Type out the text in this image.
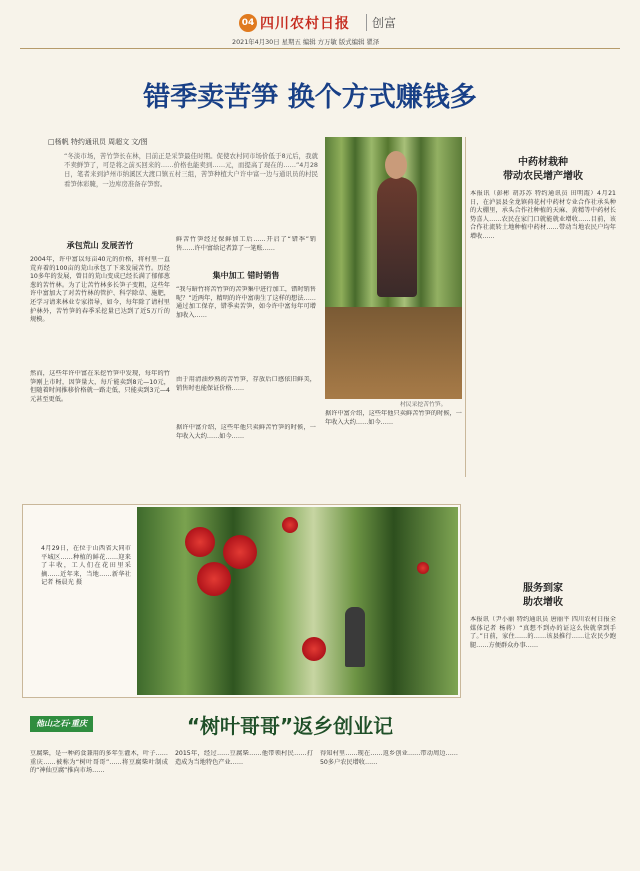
04 四川农村日报	创富
2021年4月30日 星期五 编辑 方万敏 版式编辑 瞿泽
错季卖苦笋 换个方式赚钱多
□杨帆 特约通讯员 周超文 文/图
“冬淡市场，苦竹笋长在林，目前正是采笋最佳时期。促使农村同市场价低于8元后，我就不卖鲜笋了，可是将之前买回来的……价格也能卖到……元，而提高了现在的……”4月28日，笔者来到泸州市纳溪区大渡口镇五村三组，苦笋种植大户许中富一边与通讯员的村民看笋体彩腌，一边库房准备存笋窖。
承包荒山 发展苦竹
2004年，许中富以每亩40元的价格，将村里一直荒弃着的100亩的荒山承包了下来发展苦竹。历经10多年的发展，曾目的荒山变成已经长满了郁郁葱葱的苦竹林。为了让苦竹林多长笋子变粗，这些年许中富加大了对苦竹林的管护、科学除草、施肥，还学习请来林业专家指导，如今，每年除了请村里护林外，苦竹笋的春季采挖量已达到了近5万斤的规模。
然而，这些年许中富在采挖竹笋中发现，每年的竹笋刚上市时，因笋量大，每斤能卖到8元—10元，但随着时间推移价格就一路走低，只能卖到3元—4元甚至更低。
鲜苦竹笋经过保鲜加工后……开启了“错季”销售……许中富给记者算了一笔账……
集中加工 错时销售
“我与暗竹将苦竹笋的苦笋集中进行加工，错时销售呢？”近两年，精明的许中富萌生了这样的想法……通过加工保存，错季卖苦笋，如今许中富每年可增加收入……
由于用清油炒熟的苦竹笋，存放后口感依旧鲜美，销售时也能保证价格……
据许中富介绍，这些年他只卖鲜苦竹笋的时候，一年收入大约……如今……
村民采挖苦竹笋。
据许中富介绍，这些年他只卖鲜苦竹笋的时候，一年收入大约……如今……
中药材栽种
带动农民增产增收
本报讯（彭彬 胡苏苏 特约通讯员 田明霞）4月21日，在泸县县全龙镇荷花村中药材专业合作社承头种的大棚里，承头合作社种植的天麻、黄精等中药材长势喜人……农民在家门口就能就业增收……目前，该合作社流转土地种植中药材……带动当地农民户均年增收……
4月29日，在位于山西省大同市平城区……种植的鲜花……迎来了丰收，工人们在花田里采摘……近年来，当地……新华社记者 杨晨光 摄
服务到家
助农增收
本报讯（尹小丽 特约通讯员 唐丽平 四川农村日报全媒体记者 杨蒋）“真想不到办的证这么快就拿到手了。”日前，家住……的……该县推行……让农民少跑腿……方便群众办事……
他山之石·重庆	“树叶哥哥”返乡创业记
豆腐柴，是一种药食兼用的多年生灌木，叶子……重庆……被称为“树叶哥哥”……将豆腐柴叶制成的“神仙豆腐”推向市场……
2015年，经过……豆腐柴……他带领村民……打造成为当地特色产业……
得知村里……现在……返乡创业……带动周边……50多户农民增收……
